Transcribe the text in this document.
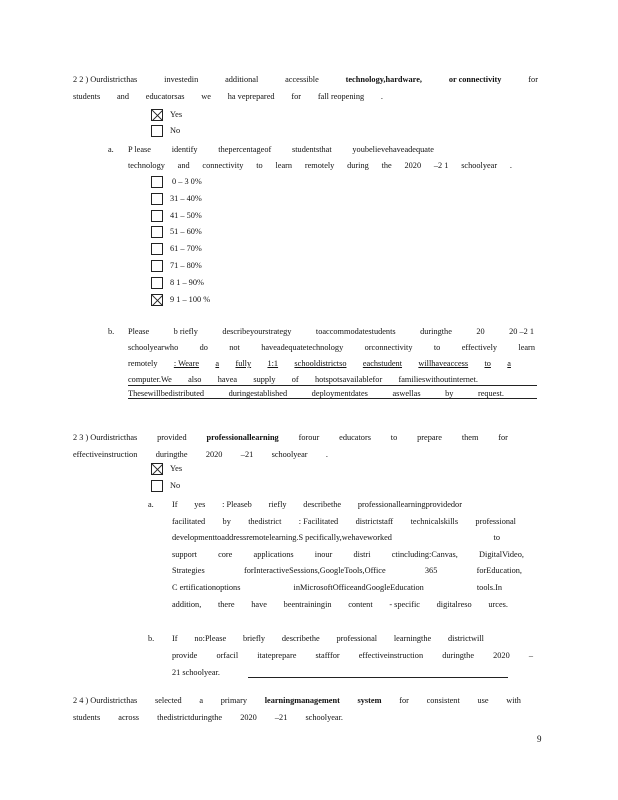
2 2 ) Ourdistricthas	investedin	additional	accessible	technology,hardware,	or connectivity	for
students and educatorsas we ha veprepared for fall reopening .
Yes
No
a. P lease	identify	thepercentageof	studentsthat	youbelievehaveadequate
technology and connectivity to learn remotely during the 2020 –2 1 schoolyear .
0 – 3 0%
31 – 40%
41 – 50%
51 – 60%
61 – 70%
71 – 80%
8 1 – 90%
9 1 – 100 %
b. Please	b riefly	describeyourstrategy	toaccommodatestudents	duringthe	20	20 –2 1
schoolyearwho	do	not	haveadequatetechnology	orconnectivity	to	effectively	learn
remotely : Weare a fully 1:1 schooldistrictso eachstudent willhaveaccess to a
computer.We also havea supply of hotspotsavailablefor familieswithoutinternet.
Thesewillbedistributed	duringestablished	deploymentdates	aswellas	by	request.
2 3 ) Ourdistricthas provided professionallearning forour educators to prepare them for
effectiveinstruction duringthe 2020 –21 schoolyear .
Yes
No
a. If yes : Pleaseb riefly describethe professionallearningprovidedor
facilitated by thedistrict : Facilitated districtstaff technicalskills professional
developmenttoaddressremotelearning.S pecifically,wehaveworked	to
support	core	applications	inour	distri	ctincluding:Canvas,	DigitalVideo,
Strategies	forInteractiveSessions,GoogleTools,Office	365	forEducation,
C ertificationoptions	inMicrosoftOfficeandGoogleEducation	tools.In
addition, there have beentrainingin content - specific digitalreso urces.
b. If no:Please briefly describethe professional learningthe districtwill
provide orfacil itateprepare stafffor effectiveinstruction duringthe 2020 –
21 schoolyear.
2 4 ) Ourdistricthas selected a primary learningmanagement system for consistent use with
students across thedistrictduringthe 2020 –21 schoolyear.
9
